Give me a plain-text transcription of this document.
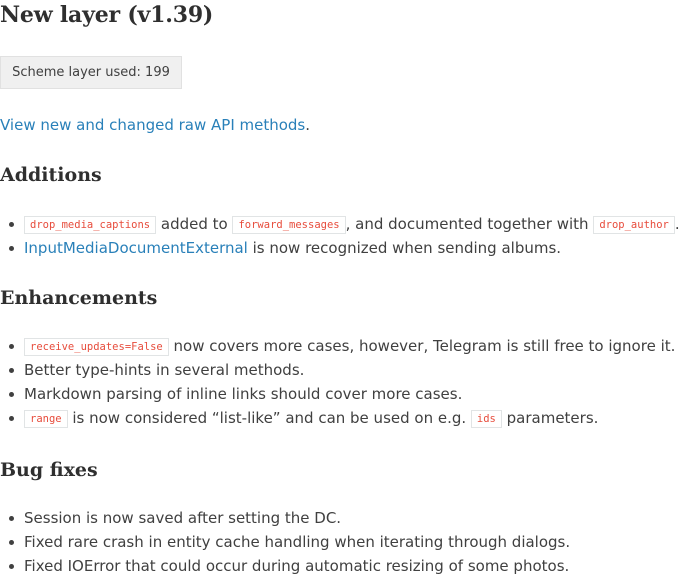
New layer (v1.39)
Scheme layer used: 199

View new and changed raw API methods.

Additions
drop_media_captions added to forward_messages , and documented together with drop_author .
InputMediaDocumentExternal is now recognized when sending albums.
Enhancements
receive_updates=False now covers more cases, however, Telegram is still free to ignore it.
Better type-hints in several methods.
Markdown parsing of inline links should cover more cases.
range is now considered “list-like” and can be used on e.g. ids parameters.
Bug fixes
Session is now saved after setting the DC.
Fixed rare crash in entity cache handling when iterating through dialogs.
Fixed IOError that could occur during automatic resizing of some photos.
